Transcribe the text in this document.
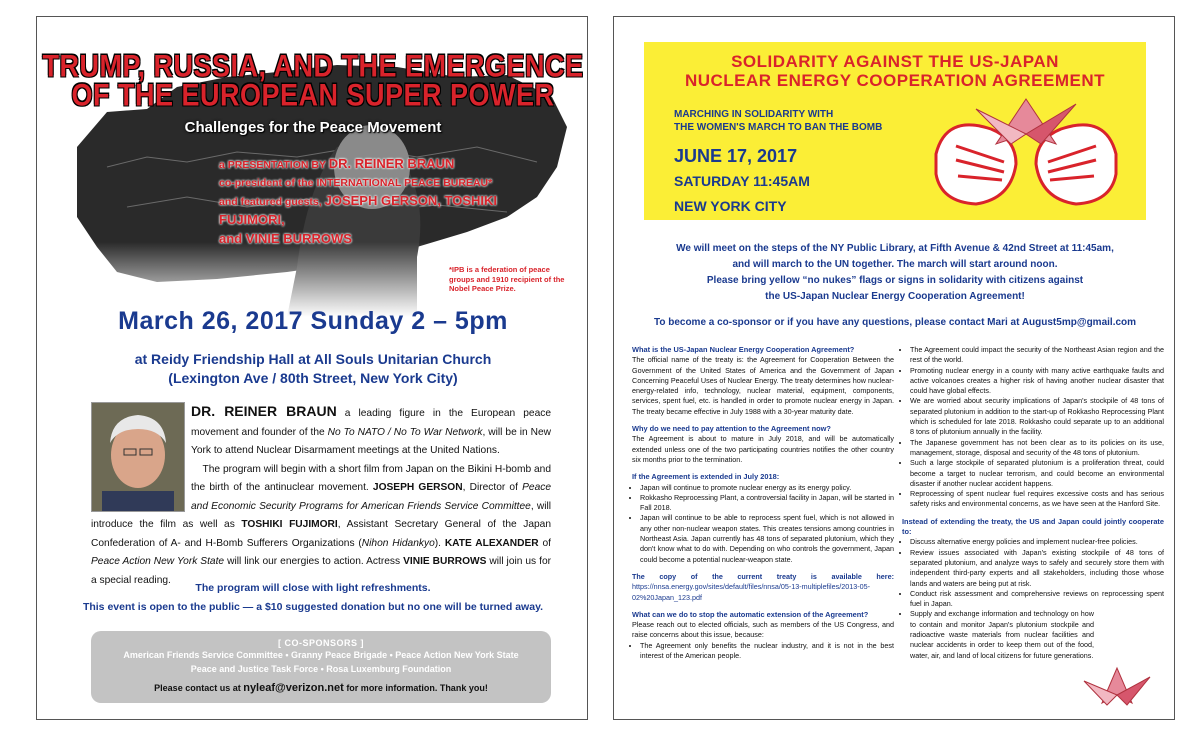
TRUMP, RUSSIA, AND THE EMERGENCE
OF THE EUROPEAN SUPER POWER
Challenges for the Peace Movement
a PRESENTATION BY DR. REINER BRAUN
co-president of the INTERNATIONAL PEACE BUREAU*
and featured guests, JOSEPH GERSON, TOSHIKI FUJIMORI,
and VINIE BURROWS
*IPB is a federation of peace groups and 1910 recipient of the Nobel Peace Prize.
March 26, 2017 Sunday 2 – 5pm
at Reidy Friendship Hall at All Souls Unitarian Church
(Lexington Ave / 80th Street, New York City)
DR. REINER BRAUN a leading figure in the European peace movement and founder of the No To NATO / No To War Network, will be in New York to attend Nuclear Disarmament meetings at the United Nations.
The program will begin with a short film from Japan on the Bikini H-bomb and the birth of the antinuclear movement. JOSEPH GERSON, Director of Peace and Economic Security Programs for American Friends Service Committee, will introduce the film as well as TOSHIKI FUJIMORI, Assistant Secretary General of the Japan Confederation of A- and H-Bomb Sufferers Organizations (Nihon Hidankyo). KATE ALEXANDER of Peace Action New York State will link our energies to action. Actress VINIE BURROWS will join us for a special reading.
The program will close with light refreshments.
This event is open to the public — a $10 suggested donation but no one will be turned away.
[ CO-SPONSORS ]
American Friends Service Committee • Granny Peace Brigade • Peace Action New York State
Peace and Justice Task Force • Rosa Luxemburg Foundation
Please contact us at nyleaf@verizon.net for more information. Thank you!
SOLIDARITY AGAINST THE US-JAPAN
NUCLEAR ENERGY COOPERATION AGREEMENT
MARCHING IN SOLIDARITY WITH
THE WOMEN'S MARCH TO BAN THE BOMB
JUNE 17, 2017
SATURDAY 11:45AM
NEW YORK CITY
We will meet on the steps of the NY Public Library, at Fifth Avenue & 42nd Street at 11:45am,
and will march to the UN together. The march will start around noon.
Please bring yellow “no nukes” flags or signs in solidarity with citizens against
the US-Japan Nuclear Energy Cooperation Agreement!
To become a co-sponsor or if you have any questions, please contact Mari at August5mp@gmail.com
What is the US-Japan Nuclear Energy Cooperation Agreement?

The official name of the treaty is: the Agreement for Cooperation Between the Government of the United States of America and the Government of Japan Concerning Peaceful Uses of Nuclear Energy. The treaty determines how nuclear-energy-related info, technology, nuclear material, equipment, components, services, spent fuel, etc. is handled in order to promote nuclear energy in Japan. The treaty became effective in July 1988 with a 30-year maturity date.

Why do we need to pay attention to the Agreement now?

The Agreement is about to mature in July 2018, and will be automatically extended unless one of the two participating countries notifies the other country six months prior to the termination.

If the Agreement is extended in July 2018:
• Japan will continue to promote nuclear energy as its energy policy.
• Rokkasho Reprocessing Plant, a controversial facility in Japan, will be started in Fall 2018.
• Japan will continue to be able to reprocess spent fuel, which is not allowed in any other non-nuclear weapon states. This creates tensions among countries in Northeast Asia. Japan currently has 48 tons of separated plutonium, which they don't know what to do with. Depending on who controls the government, Japan could become a potential nuclear-weapon state.

The copy of the current treaty is available here: https://nnsa.energy.gov/sites/default/files/nnsa/05-13-multiplefiles/2013-05-02%20Japan_123.pdf

What can we do to stop the automatic extension of the Agreement?

Please reach out to elected officials, such as members of the US Congress, and raise concerns about this issue, because:

• The Agreement only benefits the nuclear industry, and it is not in the best interest of the American people.
• The Agreement could impact the security of the Northeast Asian region and the rest of the world.
• Promoting nuclear energy in a county with many active earthquake faults and active volcanoes creates a higher risk of having another nuclear disaster that could have global effects.
• We are worried about security implications of Japan's stockpile of 48 tons of separated plutonium in addition to the start-up of Rokkasho Reprocessing Plant which is scheduled for late 2018. Rokkasho could separate up to an additional 8 tons of plutonium annually in the facility.
• The Japanese government has not been clear as to its policies on its use, management, storage, disposal and security of the 48 tons of plutonium.
• Such a large stockpile of separated plutonium is a proliferation threat, could become a target to nuclear terrorism, and could become an environmental disaster if another nuclear accident happens.
• Reprocessing of spent nuclear fuel requires excessive costs and has serious safety risks and environmental concerns, as we have seen at the Hanford Site.
Instead of extending the treaty, the US and Japan could jointly cooperate to:
• Discuss alternative energy policies and implement nuclear-free policies.
• Review issues associated with Japan's existing stockpile of 48 tons of separated plutonium, and analyze ways to safely and securely store them with independent third-party experts and all stakeholders, including those whose lands and waters are being put at risk.
• Conduct risk assessment and comprehensive reviews on reprocessing spent fuel in Japan.
• Supply and exchange information and technology on how to contain and monitor Japan's plutonium stockpile and radioactive waste materials from nuclear facilities and nuclear accidents in order to keep them out of the food, water, air, and land of local citizens for future generations.
